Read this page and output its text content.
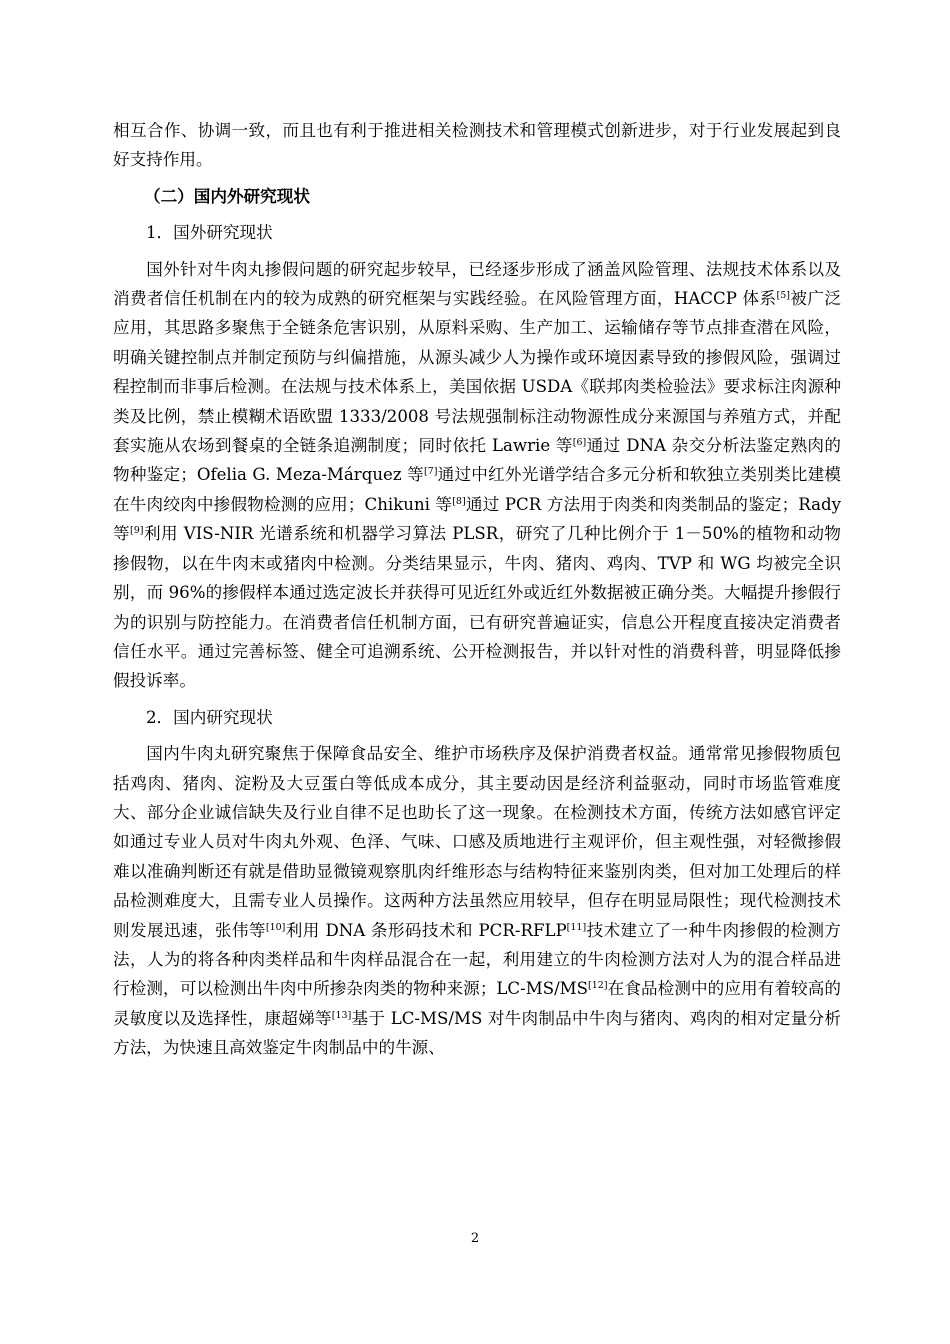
相互合作、协调一致，而且也有利于推进相关检测技术和管理模式创新进步，对于行业发展起到良好支持作用。

（二）国内外研究现状

1．国外研究现状

国外针对牛肉丸掺假问题的研究起步较早，已经逐步形成了涵盖风险管理、法规技术体系以及消费者信任机制在内的较为成熟的研究框架与实践经验。在风险管理方面，HACCP 体系[5]被广泛应用，其思路多聚焦于全链条危害识别，从原料采购、生产加工、运输储存等节点排查潜在风险，明确关键控制点并制定预防与纠偏措施，从源头减少人为操作或环境因素导致的掺假风险，强调过程控制而非事后检测。在法规与技术体系上，美国依据 USDA《联邦肉类检验法》要求标注肉源种类及比例，禁止模糊术语欧盟 1333/2008 号法规强制标注动物源性成分来源国与养殖方式，并配套实施从农场到餐桌的全链条追溯制度；同时依托 Lawrie 等[6]通过 DNA 杂交分析法鉴定熟肉的物种鉴定；Ofelia G. Meza-Márquez 等[7]通过中红外光谱学结合多元分析和软独立类别类比建模在牛肉绞肉中掺假物检测的应用；Chikuni 等[8]通过 PCR 方法用于肉类和肉类制品的鉴定；Rady 等[9]利用 VIS-NIR 光谱系统和机器学习算法 PLSR，研究了几种比例介于 1－50%的植物和动物掺假物，以在牛肉末或猪肉中检测。分类结果显示，牛肉、猪肉、鸡肉、TVP 和 WG 均被完全识别，而 96%的掺假样本通过选定波长并获得可见近红外或近红外数据被正确分类。大幅提升掺假行为的识别与防控能力。在消费者信任机制方面，已有研究普遍证实，信息公开程度直接决定消费者信任水平。通过完善标签、健全可追溯系统、公开检测报告，并以针对性的消费科普，明显降低掺假投诉率。

2．国内研究现状

国内牛肉丸研究聚焦于保障食品安全、维护市场秩序及保护消费者权益。通常常见掺假物质包括鸡肉、猪肉、淀粉及大豆蛋白等低成本成分，其主要动因是经济利益驱动，同时市场监管难度大、部分企业诚信缺失及行业自律不足也助长了这一现象。在检测技术方面，传统方法如感官评定如通过专业人员对牛肉丸外观、色泽、气味、口感及质地进行主观评价，但主观性强，对轻微掺假难以准确判断还有就是借助显微镜观察肌肉纤维形态与结构特征来鉴别肉类，但对加工处理后的样品检测难度大，且需专业人员操作。这两种方法虽然应用较早，但存在明显局限性；现代检测技术则发展迅速，张伟等[10]利用 DNA 条形码技术和 PCR-RFLP[11]技术建立了一种牛肉掺假的检测方法，人为的将各种肉类样品和牛肉样品混合在一起，利用建立的牛肉检测方法对人为的混合样品进行检测，可以检测出牛肉中所掺杂肉类的物种来源；LC-MS/MS[12]在食品检测中的应用有着较高的灵敏度以及选择性，康超娣等[13]基于 LC-MS/MS 对牛肉制品中牛肉与猪肉、鸡肉的相对定量分析方法，为快速且高效鉴定牛肉制品中的牛源、

2
